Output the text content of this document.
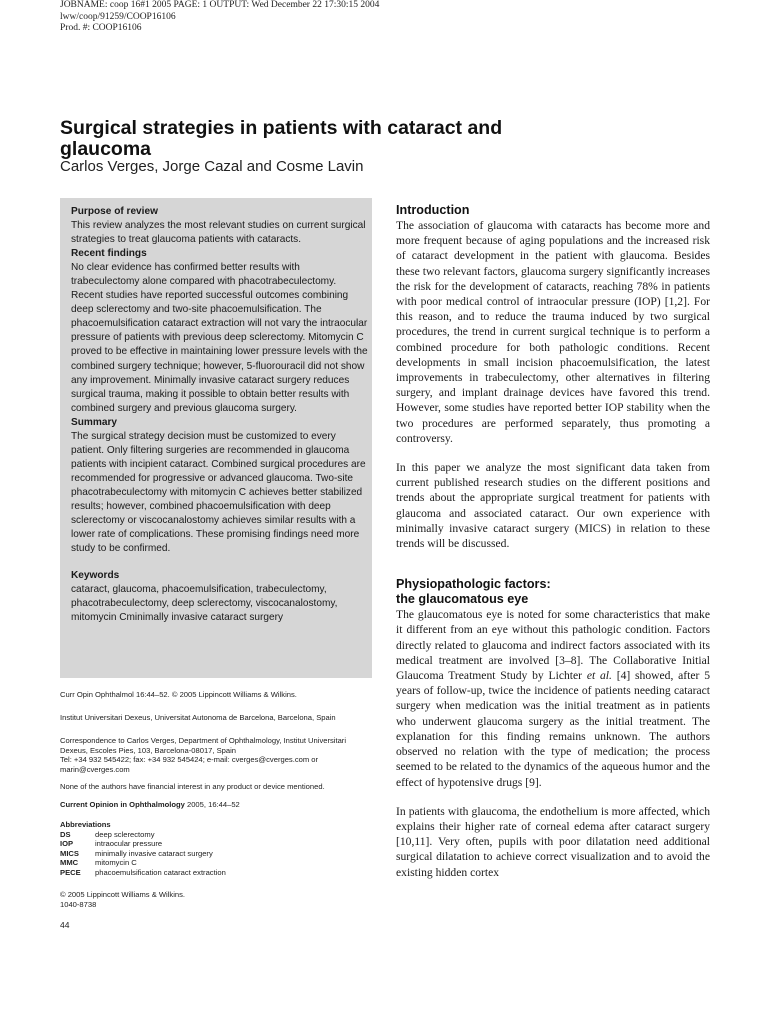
JOBNAME: coop 16#1 2005 PAGE: 1 OUTPUT: Wed December 22 17:30:15 2004
lww/coop/91259/COOP16106
Prod. #: COOP16106
Surgical strategies in patients with cataract and glaucoma
Carlos Verges, Jorge Cazal and Cosme Lavin
Purpose of review

This review analyzes the most relevant studies on current surgical strategies to treat glaucoma patients with cataracts.

Recent findings

No clear evidence has confirmed better results with trabeculectomy alone compared with phacotrabeculectomy. Recent studies have reported successful outcomes combining deep sclerectomy and two-site phacoemulsification. The phacoemulsification cataract extraction will not vary the intraocular pressure of patients with previous deep sclerectomy. Mitomycin C proved to be effective in maintaining lower pressure levels with the combined surgery technique; however, 5-fluorouracil did not show any improvement. Minimally invasive cataract surgery reduces surgical trauma, making it possible to obtain better results with combined surgery and previous glaucoma surgery.

Summary

The surgical strategy decision must be customized to every patient. Only filtering surgeries are recommended in glaucoma patients with incipient cataract. Combined surgical procedures are recommended for progressive or advanced glaucoma. Two-site phacotrabeculectomy with mitomycin C achieves better stabilized results; however, combined phacoemulsification with deep sclerectomy or viscocanalostomy achieves similar results with a lower rate of complications. These promising findings need more study to be confirmed.

Keywords

cataract, glaucoma, phacoemulsification, trabeculectomy, phacotrabeculectomy, deep sclerectomy, viscocanalostomy, mitomycin Cminimally invasive cataract surgery

Curr Opin Ophthalmol 16:44–52. © 2005 Lippincott Williams & Wilkins.

Institut Universitari Dexeus, Universitat Autonoma de Barcelona, Barcelona, Spain

Correspondence to Carlos Verges, Department of Ophthalmology, Institut Universitari Dexeus, Escoles Pies, 103, Barcelona-08017, Spain

Tel: +34 932 545422; fax: +34 932 545424; e-mail: cverges@cverges.com or marin@cverges.com

None of the authors have financial interest in any product or device mentioned.

Current Opinion in Ophthalmology 2005, 16:44–52

Abbreviations

DS	deep sclerectomy
IOP	intraocular pressure
MICS	minimally invasive cataract surgery
MMC	mitomycin C
PECE	phacoemulsification cataract extraction

© 2005 Lippincott Williams & Wilkins.

1040-8738

44
Introduction

The association of glaucoma with cataracts has become more and more frequent because of aging populations and the increased risk of cataract development in the patient with glaucoma. Besides these two relevant factors, glaucoma surgery significantly increases the risk for the development of cataracts, reaching 78% in patients with poor medical control of intraocular pressure (IOP) [1,2]. For this reason, and to reduce the trauma induced by two surgical procedures, the trend in current surgical technique is to perform a combined procedure for both pathologic conditions. Recent developments in small incision phacoemulsification, the latest improvements in trabeculectomy, other alternatives in filtering surgery, and implant drainage devices have favored this trend. However, some studies have reported better IOP stability when the two procedures are performed separately, thus promoting a controversy.

In this paper we analyze the most significant data taken from current published research studies on the different positions and trends about the appropriate surgical treatment for patients with glaucoma and associated cataract. Our own experience with minimally invasive cataract surgery (MICS) in relation to these trends will be discussed.

Physiopathologic factors:
the glaucomatous eye

The glaucomatous eye is noted for some characteristics that make it different from an eye without this pathologic condition. Factors directly related to glaucoma and indirect factors associated with its medical treatment are involved [3–8]. The Collaborative Initial Glaucoma Treatment Study by Lichter et al. [4] showed, after 5 years of follow-up, twice the incidence of patients needing cataract surgery when medication was the initial treatment as in patients who underwent glaucoma surgery as the initial treatment. The explanation for this finding remains unknown. The authors observed no relation with the type of medication; the process seemed to be related to the dynamics of the aqueous humor and the effect of hypotensive drugs [9].

In patients with glaucoma, the endothelium is more affected, which explains their higher rate of corneal edema after cataract surgery [10,11]. Very often, pupils with poor dilatation need additional surgical dilatation to achieve correct visualization and to avoid the existing hidden cortex
